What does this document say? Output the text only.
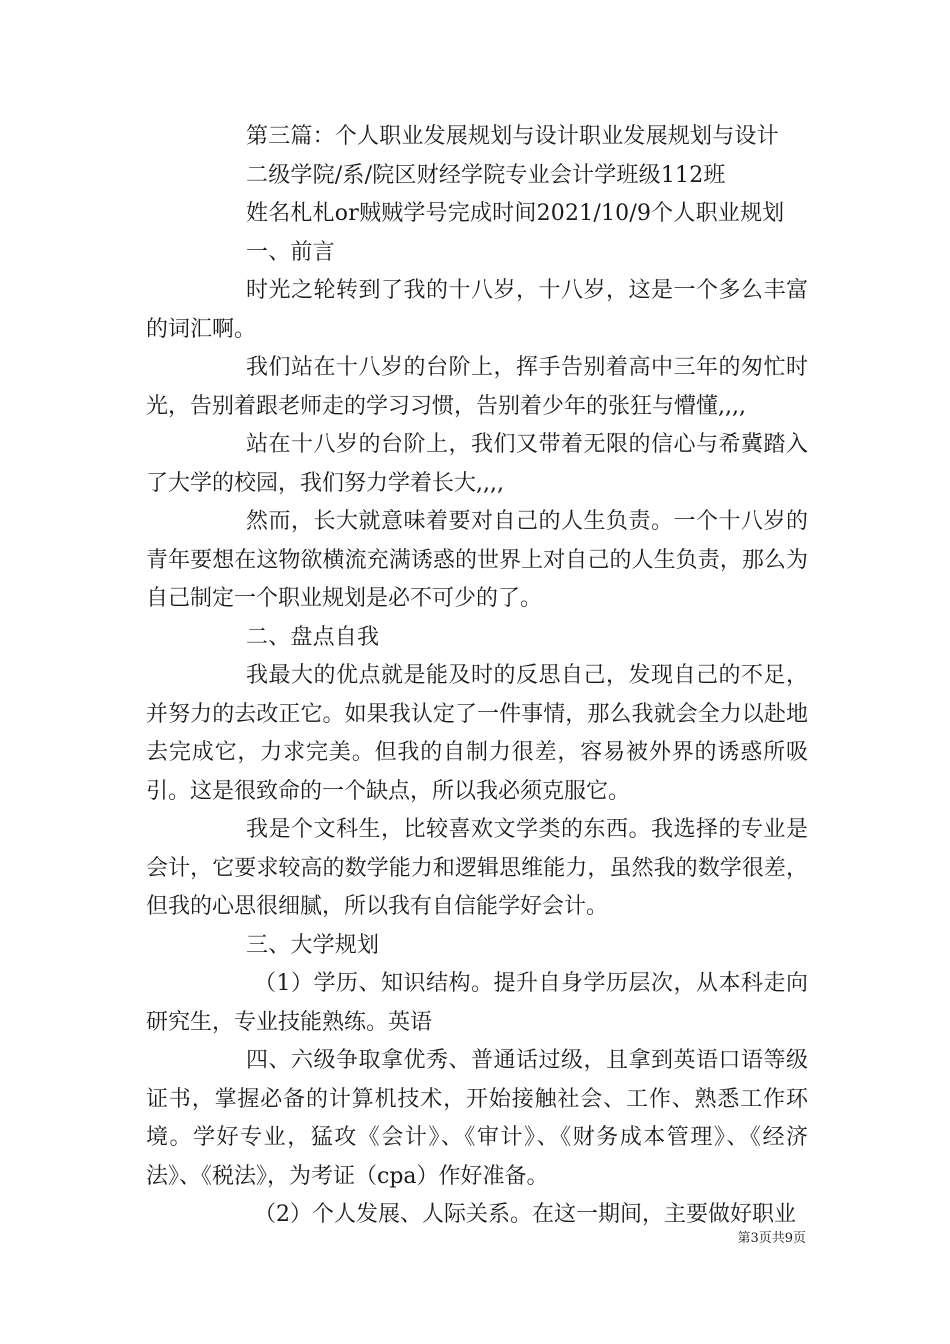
第三篇：个人职业发展规划与设计职业发展规划与设计
二级学院/系/院区财经学院专业会计学班级112班
姓名札札or贼贼学号完成时间2021/10/9个人职业规划
一、前言
时光之轮转到了我的十八岁，十八岁，这是一个多么丰富的词汇啊。
我们站在十八岁的台阶上，挥手告别着高中三年的匆忙时光，告别着跟老师走的学习习惯，告别着少年的张狂与懵懂,,,,
站在十八岁的台阶上，我们又带着无限的信心与希冀踏入了大学的校园，我们努力学着长大,,,,
然而，长大就意味着要对自己的人生负责。一个十八岁的青年要想在这物欲横流充满诱惑的世界上对自己的人生负责，那么为自己制定一个职业规划是必不可少的了。
二、盘点自我
我最大的优点就是能及时的反思自己，发现自己的不足，并努力的去改正它。如果我认定了一件事情，那么我就会全力以赴地去完成它，力求完美。但我的自制力很差，容易被外界的诱惑所吸引。这是很致命的一个缺点，所以我必须克服它。
我是个文科生，比较喜欢文学类的东西。我选择的专业是会计，它要求较高的数学能力和逻辑思维能力，虽然我的数学很差，但我的心思很细腻，所以我有自信能学好会计。
三、大学规划
（1）学历、知识结构。提升自身学历层次，从本科走向研究生，专业技能熟练。英语
四、六级争取拿优秀、普通话过级，且拿到英语口语等级证书，掌握必备的计算机技术，开始接触社会、工作、熟悉工作环境。学好专业，猛攻《会计》、《审计》、《财务成本管理》、《经济法》、《税法》，为考证（cpa）作好准备。
（2）个人发展、人际关系。在这一期间，主要做好职业
第3页共9页
